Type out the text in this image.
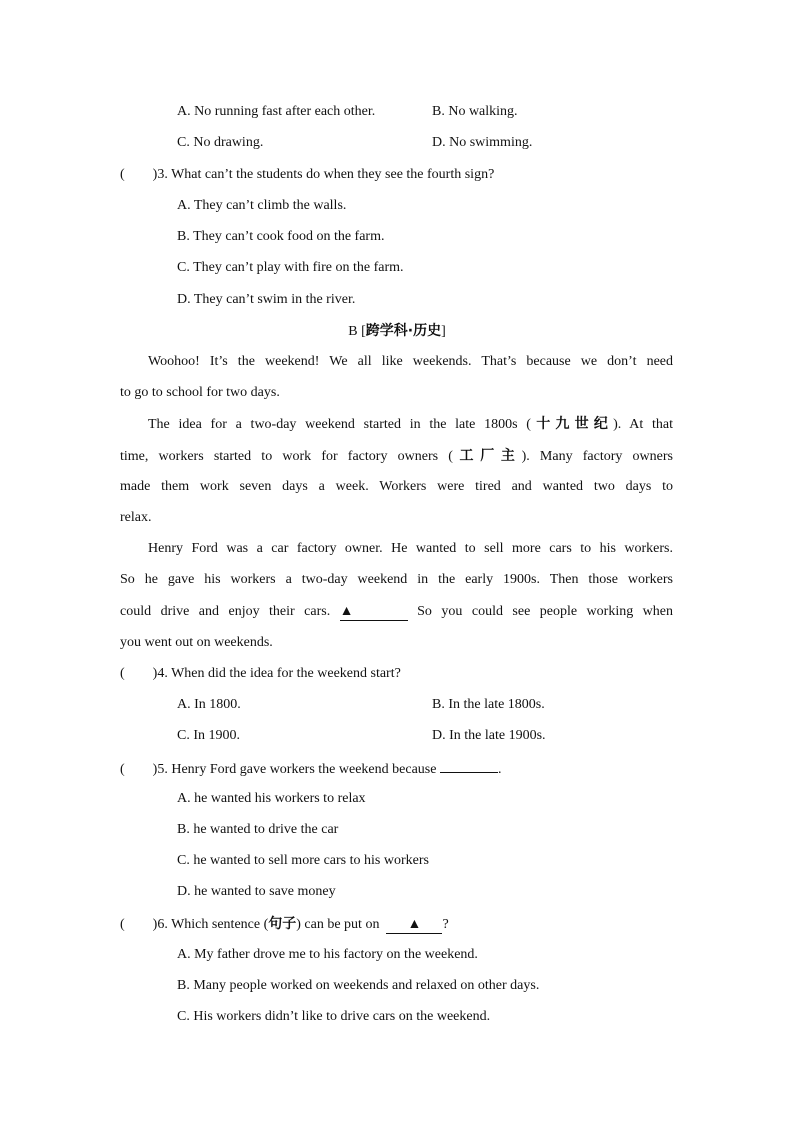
A. No running fast after each other.	B. No walking.
C. No drawing.	D. No swimming.
(        )3. What can’t the students do when they see the fourth sign?
A. They can’t climb the walls.
B. They can’t cook food on the farm.
C. They can’t play with fire on the farm.
D. They can’t swim in the river.
B [跨学科·历史]
Woohoo! It’s the weekend! We all like weekends. That’s because we don’t need
to go to school for two days.
The idea for a two-day weekend started in the late 1800s (十九世纪). At that
time, workers started to work for factory owners (工厂主). Many factory owners
made them work seven days a week. Workers were tired and wanted two days to
relax.
Henry Ford was a car factory owner. He wanted to sell more cars to his workers.
So he gave his workers a two-day weekend in the early 1900s. Then those workers
could drive and enjoy their cars. ▲	So you could see people working when
you went out on weekends.
(        )4. When did the idea for the weekend start?
A. In 1800.	B. In the late 1800s.
C. In 1900.	D. In the late 1900s.
(        )5. Henry Ford gave workers the weekend because	.
A. he wanted his workers to relax
B. he wanted to drive the car
C. he wanted to sell more cars to his workers
D. he wanted to save money
(        )6. Which sentence (句子) can be put on  ▲ ?
A. My father drove me to his factory on the weekend.
B. Many people worked on weekends and relaxed on other days.
C. His workers didn’t like to drive cars on the weekend.
